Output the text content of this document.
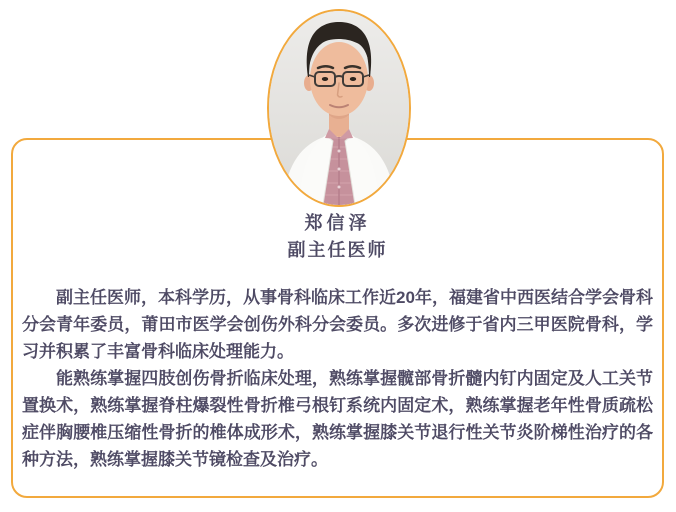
郑信泽
副主任医师

副主任医师，本科学历，从事骨科临床工作近20年，福建省中西医结合学会骨科分会青年委员，莆田市医学会创伤外科分会委员。多次进修于省内三甲医院骨科，学习并积累了丰富骨科临床处理能力。

能熟练掌握四肢创伤骨折临床处理，熟练掌握髋部骨折髓内钉内固定及人工关节置换术，熟练掌握脊柱爆裂性骨折椎弓根钉系统内固定术，熟练掌握老年性骨质疏松症伴胸腰椎压缩性骨折的椎体成形术，熟练掌握膝关节退行性关节炎阶梯性治疗的各种方法，熟练掌握膝关节镜检查及治疗。
